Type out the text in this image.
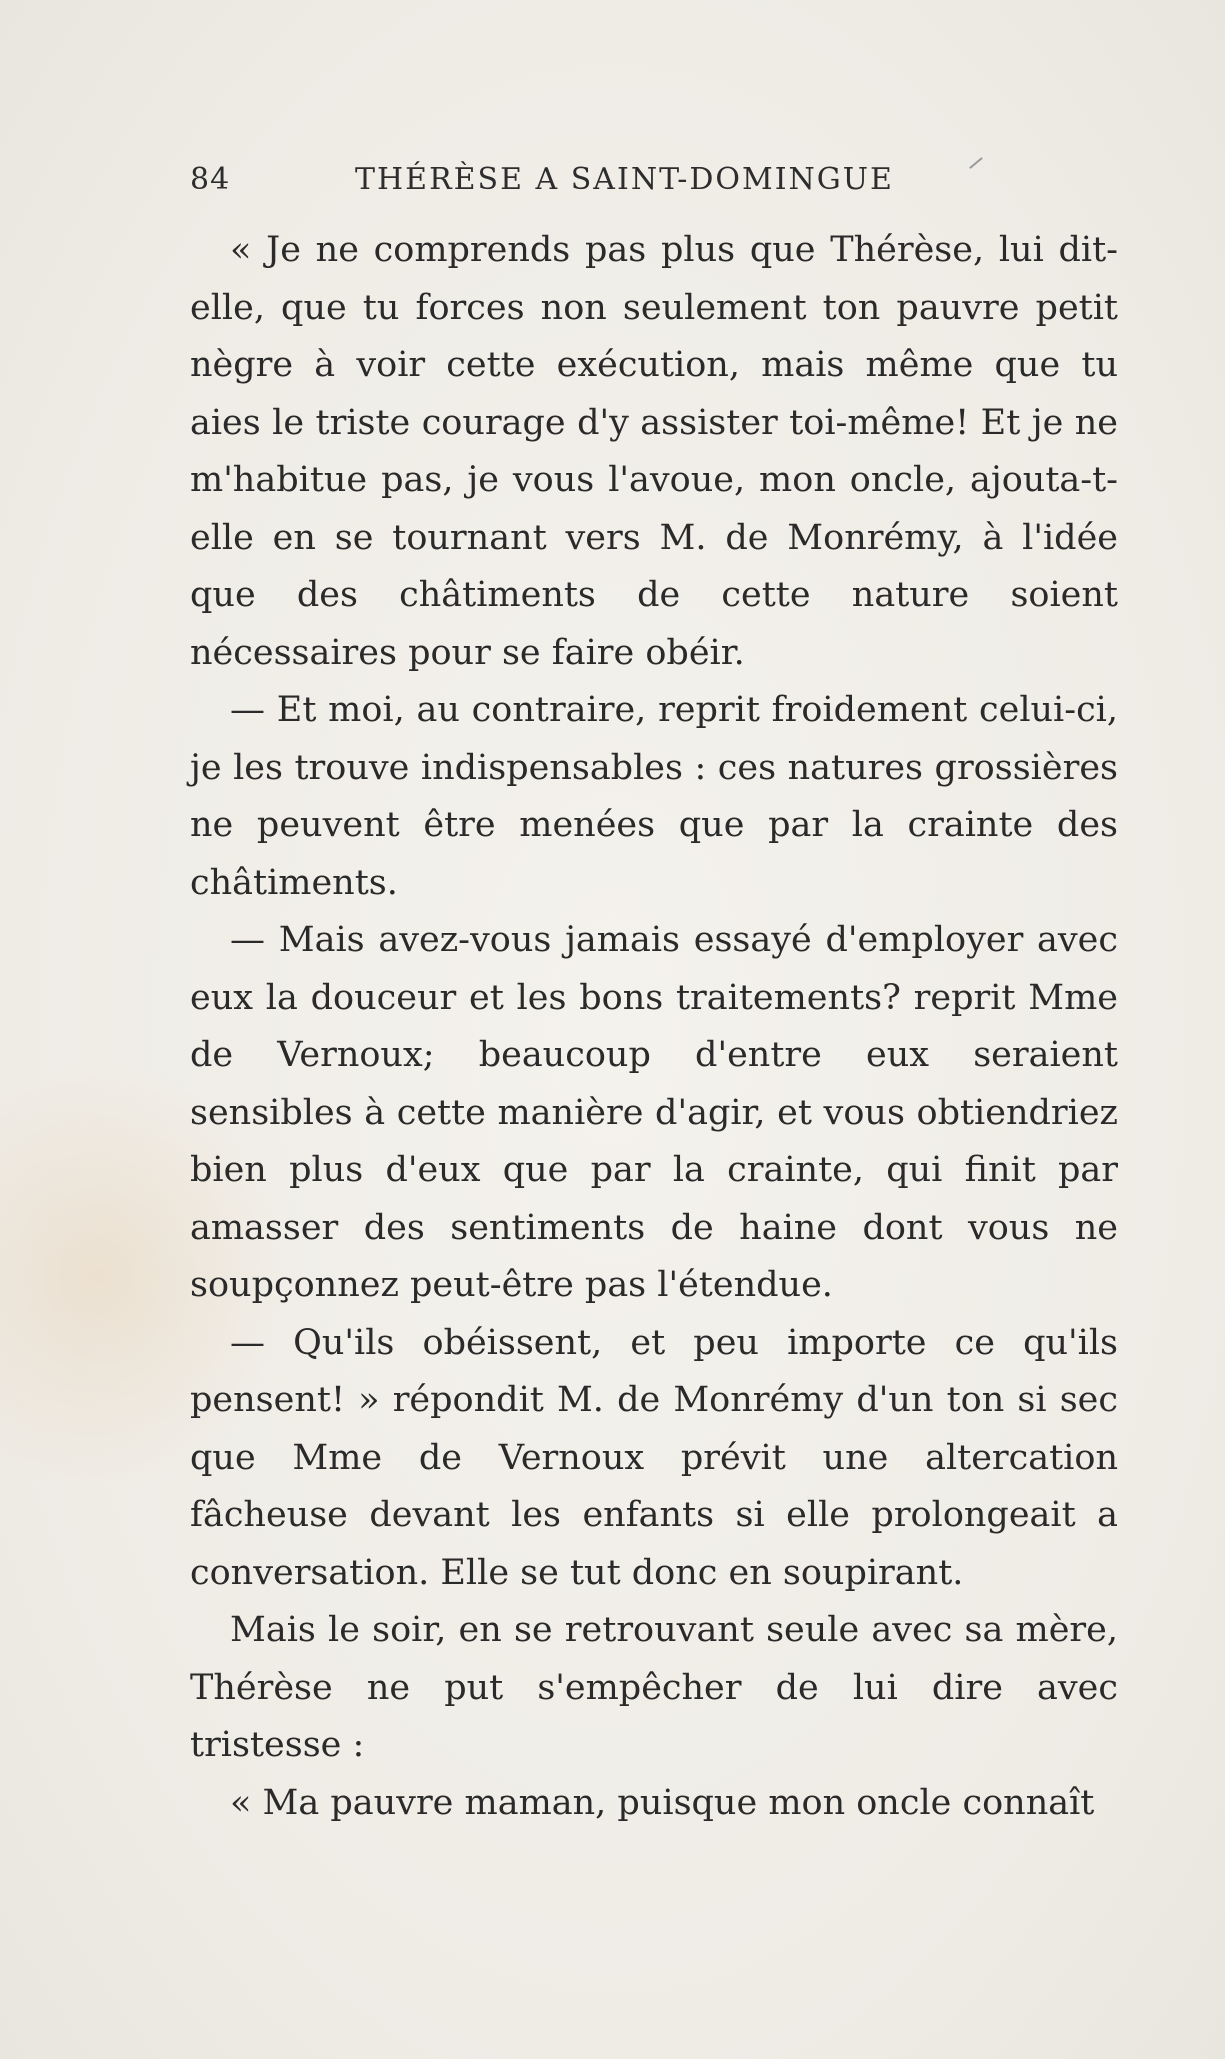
84	THÉRÈSE A SAINT-DOMINGUE

« Je ne comprends pas plus que Thérèse, lui dit-elle, que tu forces non seulement ton pauvre petit nègre à voir cette exécution, mais même que tu aies le triste courage d'y assister toi-même! Et je ne m'habitue pas, je vous l'avoue, mon oncle, ajouta-t-elle en se tournant vers M. de Monrémy, à l'idée que des châtiments de cette nature soient nécessaires pour se faire obéir.

— Et moi, au contraire, reprit froidement celui-ci, je les trouve indispensables : ces natures grossières ne peuvent être menées que par la crainte des châtiments.

— Mais avez-vous jamais essayé d'employer avec eux la douceur et les bons traitements? reprit Mme de Vernoux; beaucoup d'entre eux seraient sensibles à cette manière d'agir, et vous obtiendriez bien plus d'eux que par la crainte, qui finit par amasser des sentiments de haine dont vous ne soupçonnez peut-être pas l'étendue.

— Qu'ils obéissent, et peu importe ce qu'ils pensent! » répondit M. de Monrémy d'un ton si sec que Mme de Vernoux prévit une altercation fâcheuse devant les enfants si elle prolongeait a conversation. Elle se tut donc en soupirant.

Mais le soir, en se retrouvant seule avec sa mère, Thérèse ne put s'empêcher de lui dire avec tristesse :

« Ma pauvre maman, puisque mon oncle connaît
